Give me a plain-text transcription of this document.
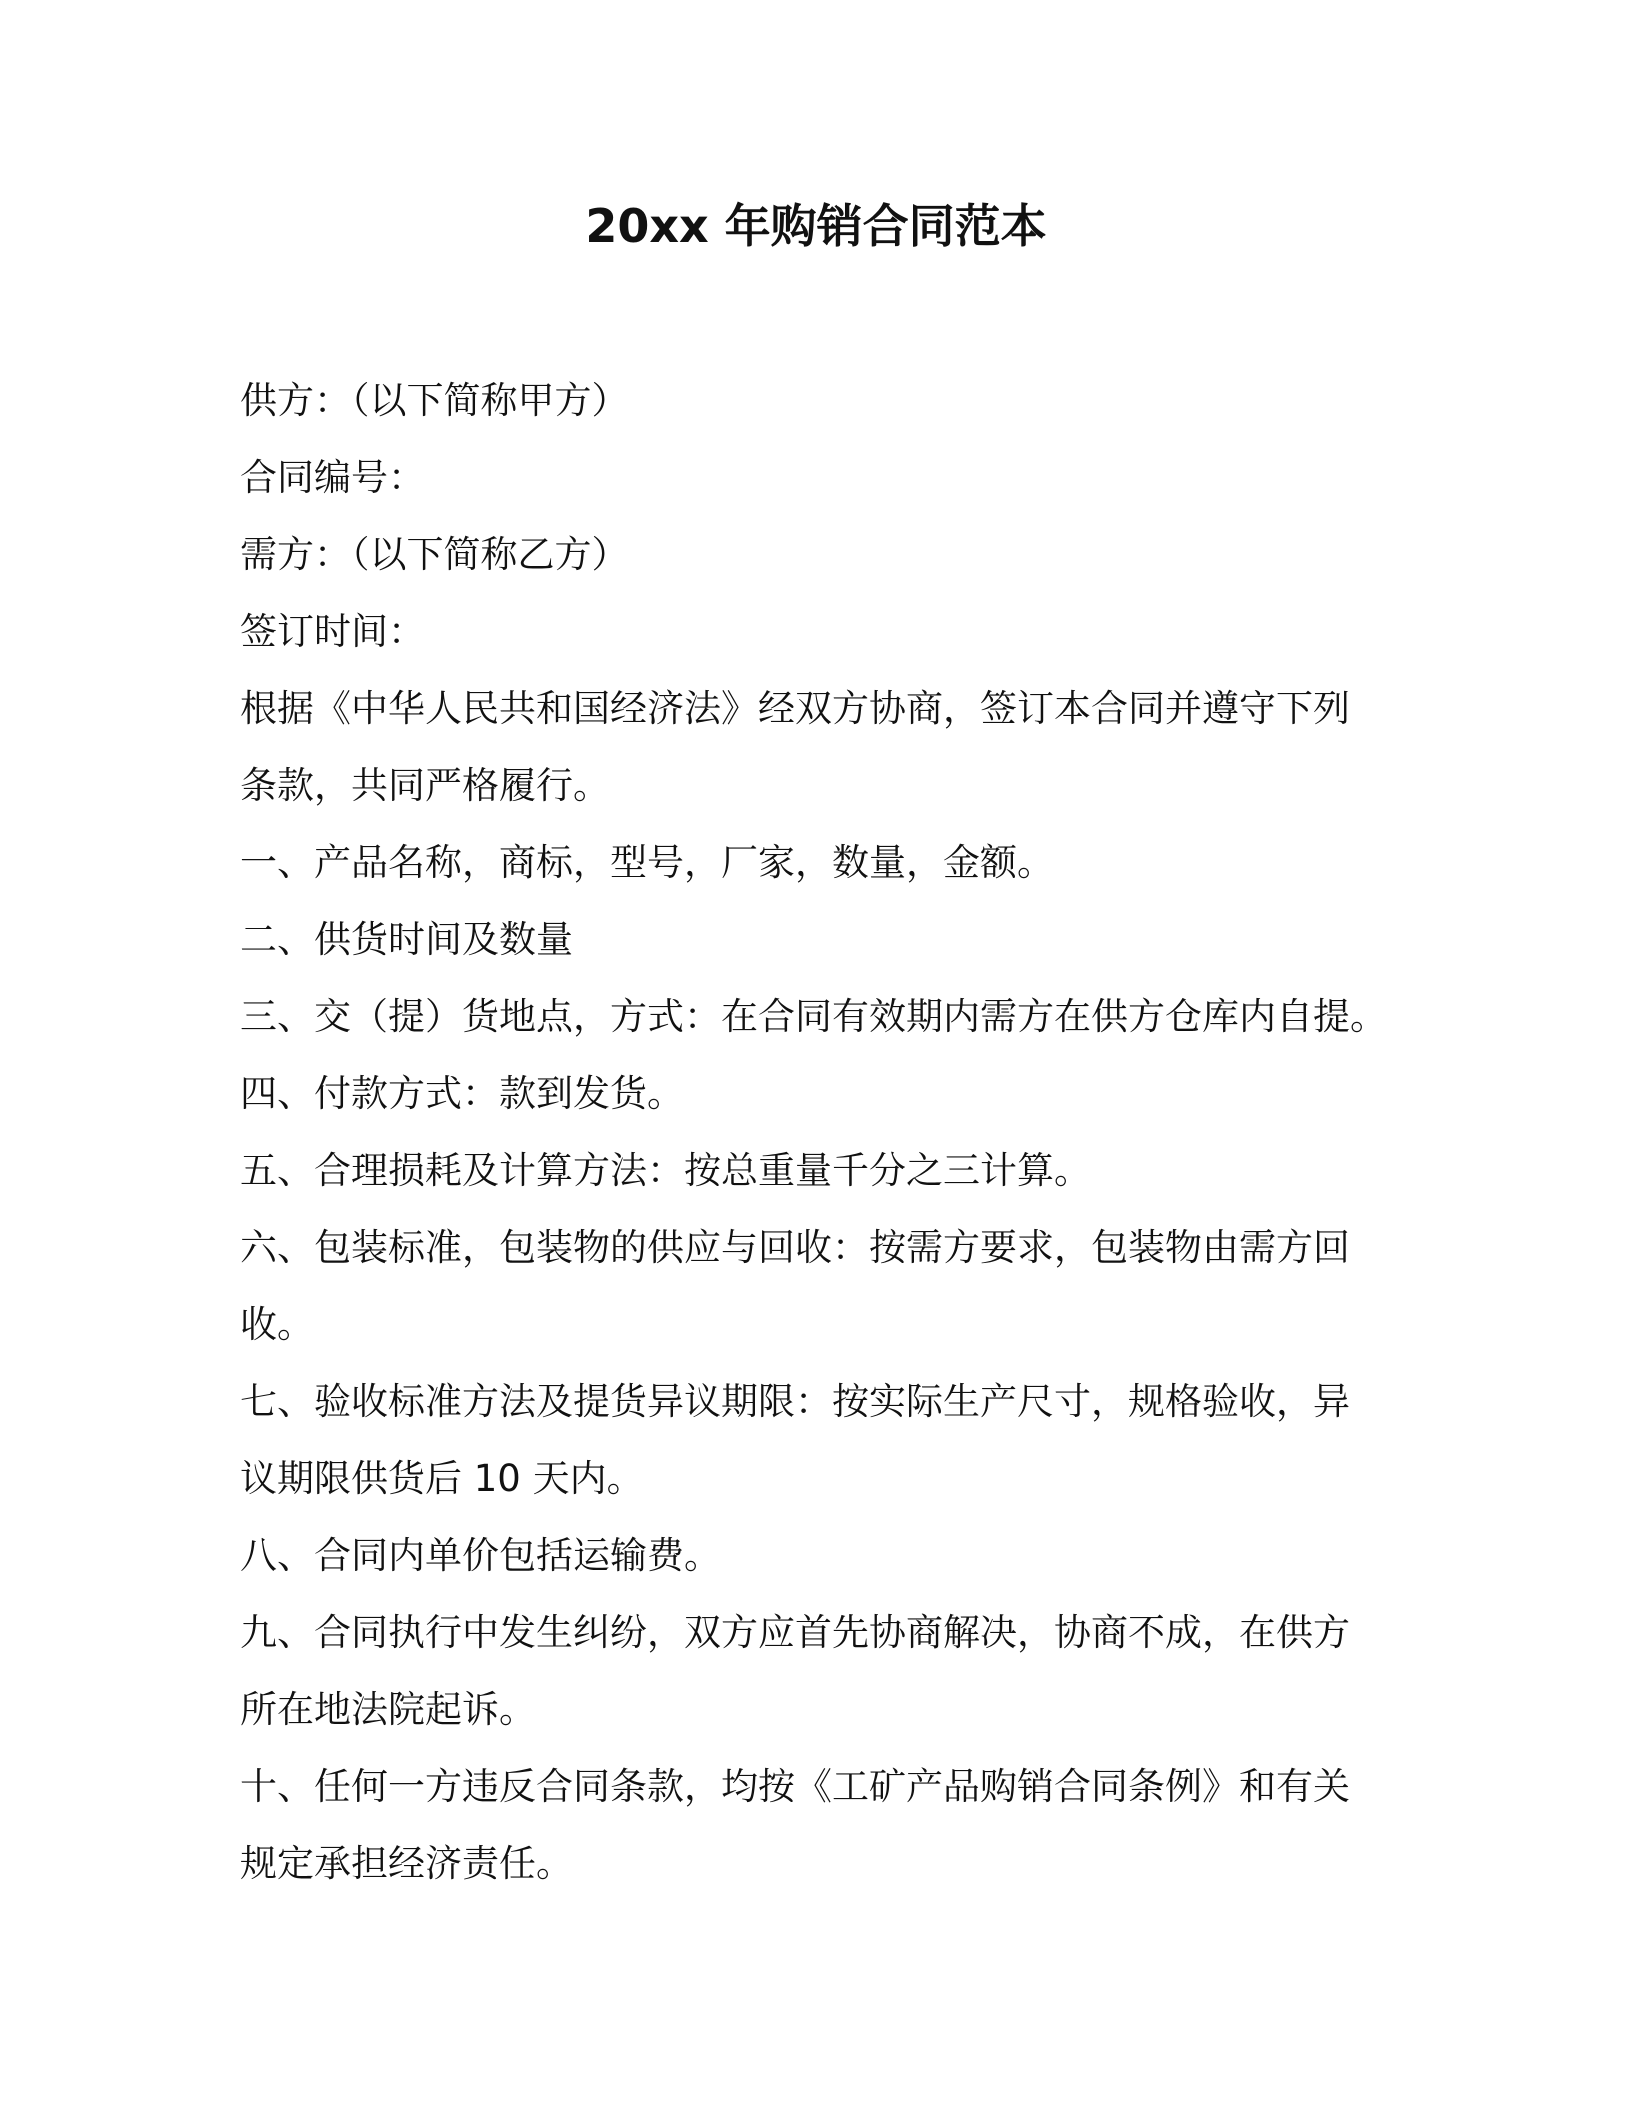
20xx 年购销合同范本
供方：（以下简称甲方）
合同编号：
需方：（以下简称乙方）
签订时间：
根据《中华人民共和国经济法》经双方协商，签订本合同并遵守下列
条款，共同严格履行。
一、产品名称，商标，型号，厂家，数量，金额。
二、供货时间及数量
三、交（提）货地点，方式：在合同有效期内需方在供方仓库内自提。
四、付款方式：款到发货。
五、合理损耗及计算方法：按总重量千分之三计算。
六、包装标准，包装物的供应与回收：按需方要求，包装物由需方回
收。
七、验收标准方法及提货异议期限：按实际生产尺寸，规格验收，异
议期限供货后 10 天内。
八、合同内单价包括运输费。
九、合同执行中发生纠纷，双方应首先协商解决，协商不成，在供方
所在地法院起诉。
十、任何一方违反合同条款，均按《工矿产品购销合同条例》和有关
规定承担经济责任。
